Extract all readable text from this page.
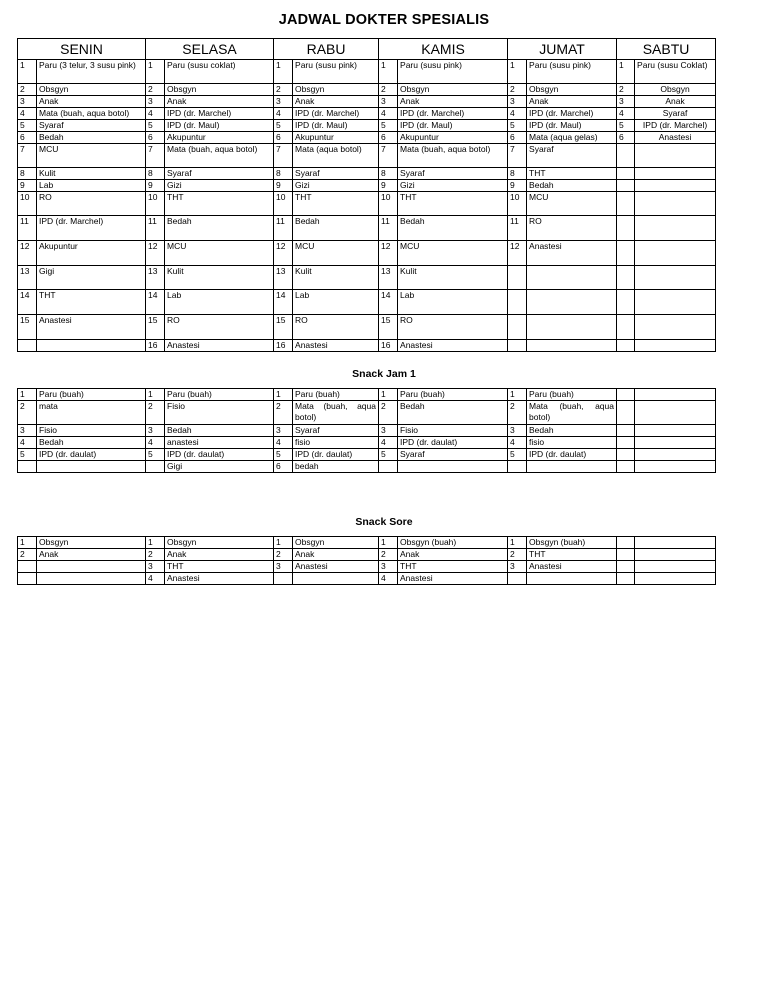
JADWAL DOKTER SPESIALIS
SENIN		SELASA		RABU		KAMIS		JUMAT		SABTU	
1	Paru (3 telur, 3 susu pink)	1	Paru (susu coklat)	1	Paru (susu pink)	1	Paru (susu pink)	1	Paru (susu pink)	1	Paru (susu Coklat)
2	Obsgyn	2	Obsgyn	2	Obsgyn	2	Obsgyn	2	Obsgyn	2	Obsgyn
3	Anak	3	Anak	3	Anak	3	Anak	3	Anak	3	Anak
4	Mata (buah, aqua botol)	4	IPD (dr. Marchel)	4	IPD (dr. Marchel)	4	IPD (dr. Marchel)	4	IPD (dr. Marchel)	4	Syaraf
5	Syaraf	5	IPD (dr. Maul)	5	IPD (dr. Maul)	5	IPD (dr. Maul)	5	IPD (dr. Maul)	5	IPD (dr. Marchel)
6	Bedah	6	Akupuntur	6	Akupuntur	6	Akupuntur	6	Mata (aqua gelas)	6	Anastesi
7	MCU	7	Mata (buah, aqua botol)	7	Mata (aqua botol)	7	Mata (buah, aqua botol)	7	Syaraf		
8	Kulit	8	Syaraf	8	Syaraf	8	Syaraf	8	THT		
9	Lab	9	Gizi	9	Gizi	9	Gizi	9	Bedah		
10	RO	10	THT	10	THT	10	THT	10	MCU		
11	IPD (dr. Marchel)	11	Bedah	11	Bedah	11	Bedah	11	RO		
12	Akupuntur	12	MCU	12	MCU	12	MCU	12	Anastesi		
13	Gigi	13	Kulit	13	Kulit	13	Kulit				
14	THT	14	Lab	14	Lab	14	Lab				
15	Anastesi	15	RO	15	RO	15	RO				
		16	Anastesi	16	Anastesi	16	Anastesi				
Snack Jam 1
1	Paru (buah)	1	Paru (buah)	1	Paru (buah)	1	Paru (buah)	1	Paru (buah)		
2	mata	2	Fisio	2	Mata (buah, aqua botol)	2	Bedah	2	Mata (buah, aqua botol)		
3	Fisio	3	Bedah	3	Syaraf	3	Fisio	3	Bedah		
4	Bedah	4	anastesi	4	fisio	4	IPD (dr. daulat)	4	fisio		
5	IPD (dr. daulat)	5	IPD (dr. daulat)	5	IPD (dr. daulat)	5	Syaraf	5	IPD (dr. daulat)		
			Gigi	6	bedah						
Snack Sore
1	Obsgyn	1	Obsgyn	1	Obsgyn	1	Obsgyn (buah)	1	Obsgyn (buah)		
2	Anak	2	Anak	2	Anak	2	Anak	2	THT		
		3	THT	3	Anastesi	3	THT	3	Anastesi		
		4	Anastesi			4	Anastesi				
